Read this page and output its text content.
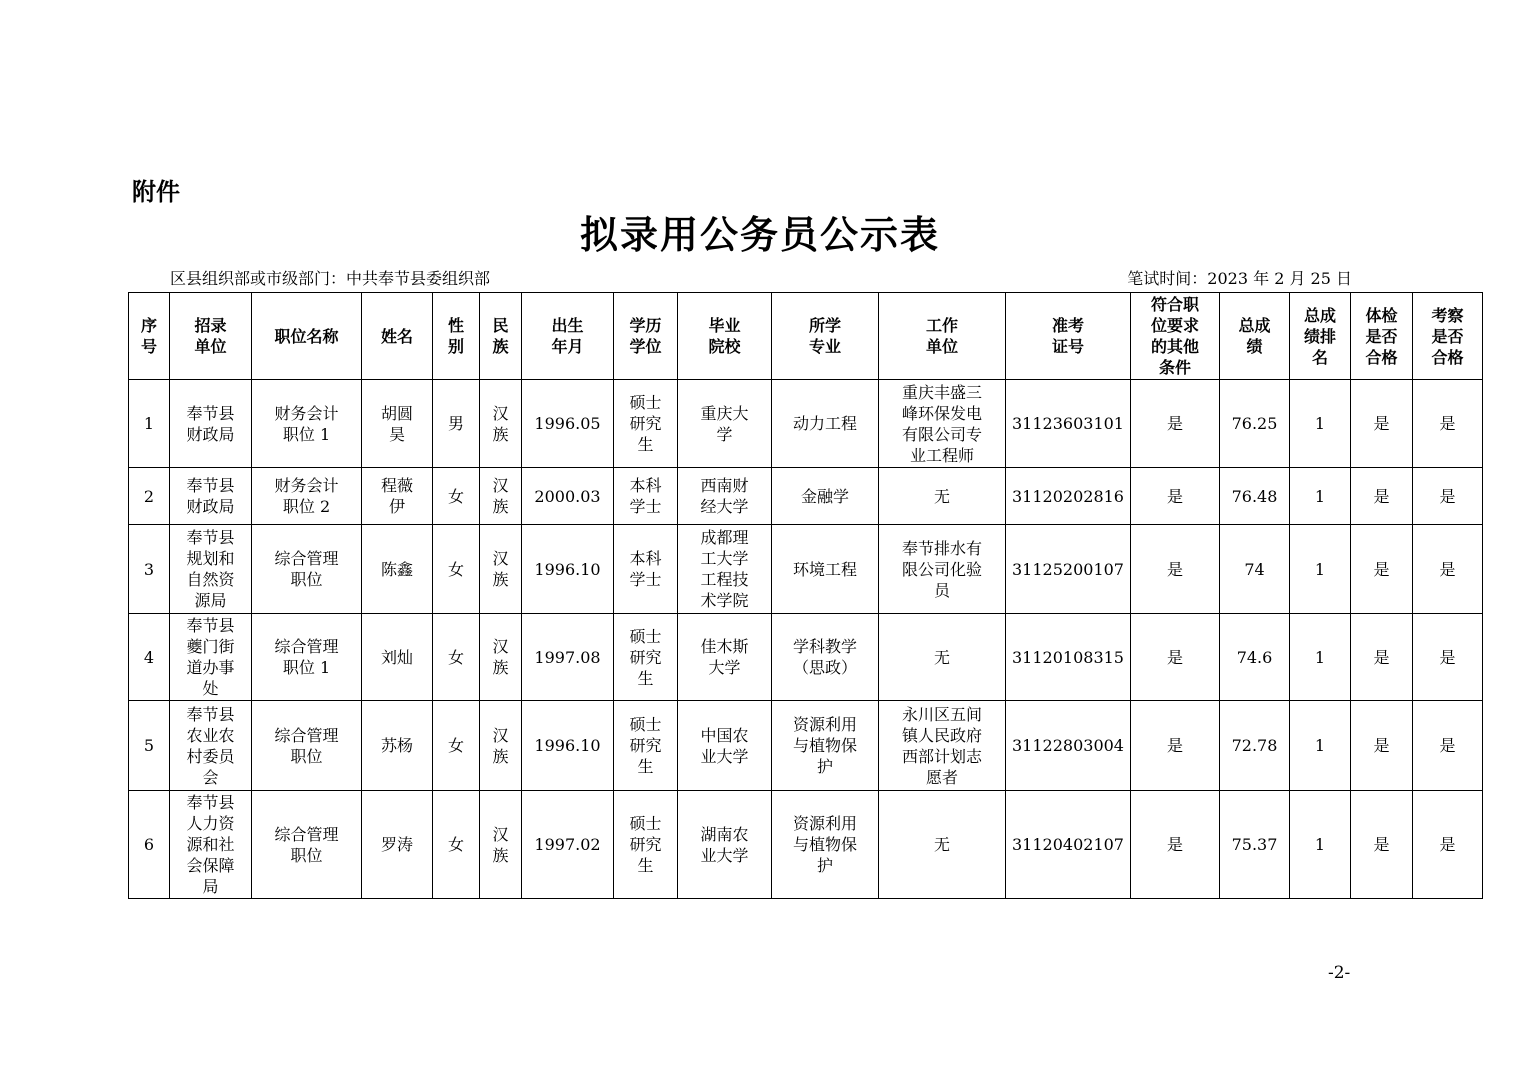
附件
拟录用公务员公示表
区县组织部或市级部门：中共奉节县委组织部	笔试时间：2023 年 2 月 25 日
序
号	招录
单位	职位名称	姓名	性
别	民
族	出生
年月	学历
学位	毕业
院校	所学
专业	工作
单位	准考
证号	符合职
位要求
的其他
条件	总成
绩	总成
绩排
名	体检
是否
合格	考察
是否
合格
1	奉节县
财政局	财务会计
职位 1	胡圆
昊	男	汉
族	1996.05	硕士
研究
生	重庆大
学	动力工程	重庆丰盛三
峰环保发电
有限公司专
业工程师	31123603101	是	76.25	1	是	是
2	奉节县
财政局	财务会计
职位 2	程薇
伊	女	汉
族	2000.03	本科
学士	西南财
经大学	金融学	无	31120202816	是	76.48	1	是	是
3	奉节县
规划和
自然资
源局	综合管理
职位	陈鑫	女	汉
族	1996.10	本科
学士	成都理
工大学
工程技
术学院	环境工程	奉节排水有
限公司化验
员	31125200107	是	74	1	是	是
4	奉节县
夔门街
道办事
处	综合管理
职位 1	刘灿	女	汉
族	1997.08	硕士
研究
生	佳木斯
大学	学科教学
（思政）	无	31120108315	是	74.6	1	是	是
5	奉节县
农业农
村委员
会	综合管理
职位	苏杨	女	汉
族	1996.10	硕士
研究
生	中国农
业大学	资源利用
与植物保
护	永川区五间
镇人民政府
西部计划志
愿者	31122803004	是	72.78	1	是	是
6	奉节县
人力资
源和社
会保障
局	综合管理
职位	罗涛	女	汉
族	1997.02	硕士
研究
生	湖南农
业大学	资源利用
与植物保
护	无	31120402107	是	75.37	1	是	是
-2-
